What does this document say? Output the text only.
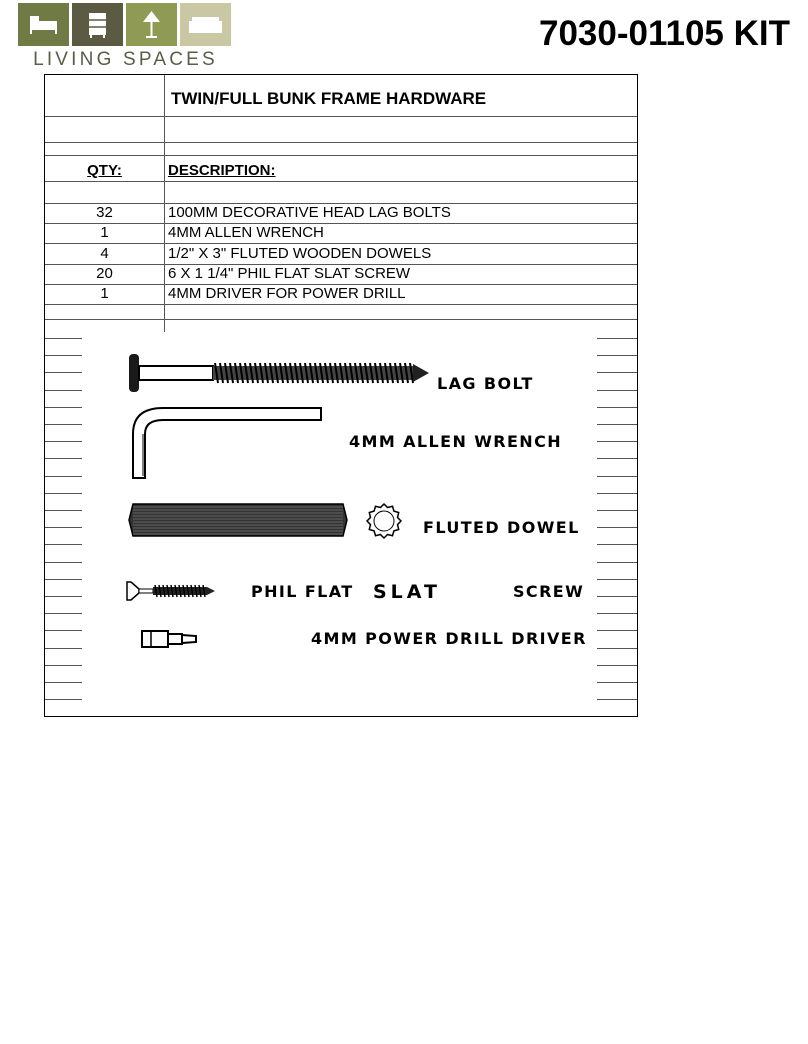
LIVING SPACES
7030-01105 KIT
TWIN/FULL BUNK FRAME HARDWARE
QTY:	DESCRIPTION:
32	100MM DECORATIVE HEAD LAG BOLTS
1	4MM ALLEN WRENCH
4	1/2" X 3" FLUTED WOODEN DOWELS
20	6 X 1 1/4" PHIL FLAT SLAT SCREW
1	4MM DRIVER FOR POWER DRILL
LAG BOLT
4MM ALLEN WRENCH
FLUTED DOWEL
PHIL FLAT SLAT	SCREW
4MM POWER DRILL DRIVER
